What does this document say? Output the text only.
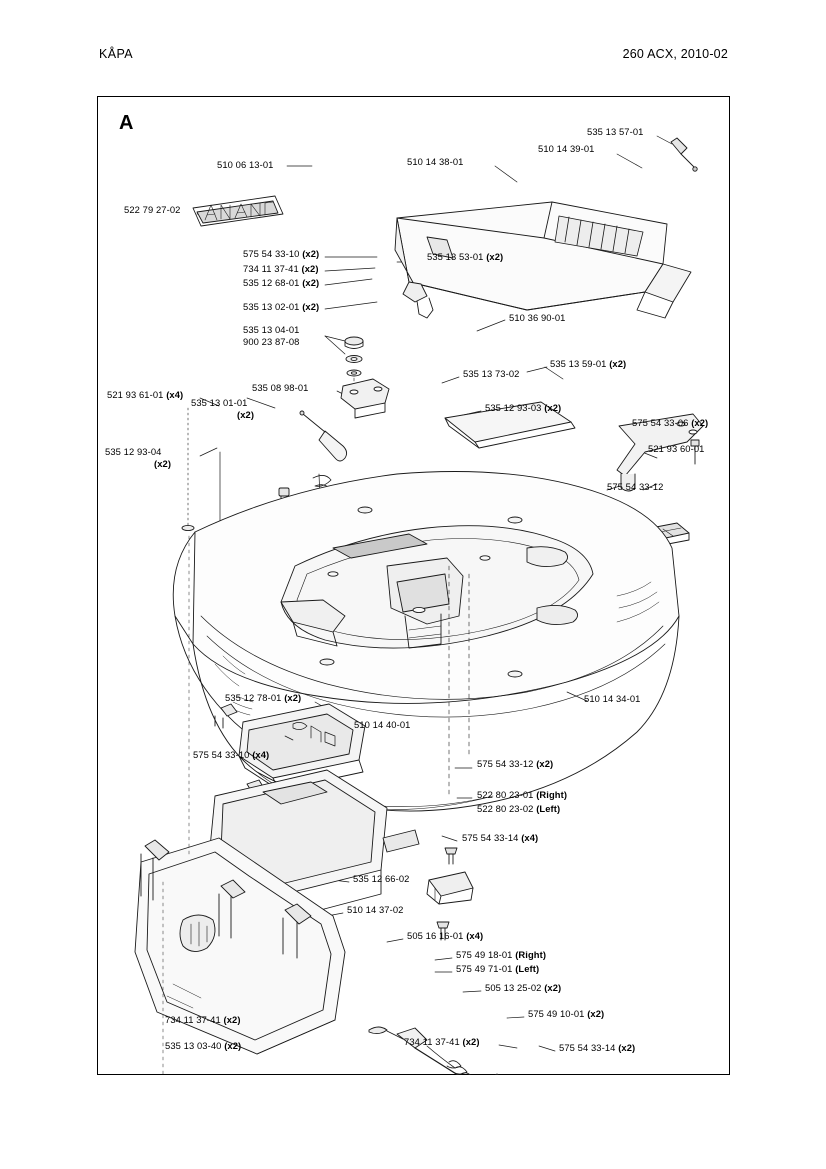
KÅPA	260 ACX, 2010-02
A	535 13 57-01
510 14 39-01
510 14 38-01
510 06 13-01
522 79 27-02
575 54 33-10 (x2)
734 11 37-41 (x2)
535 12 68-01 (x2)
535 13 53-01 (x2)
535 13 02-01 (x2)
510 36 90-01
535 13 04-01
900 23 87-08
535 13 59-01 (x2)
535 13 73-02
535 08 98-01
521 93 61-01 (x4)
535 13 01-01
(x2)
535 12 93-03 (x2)
575 54 33-06 (x2)
535 12 93-04
(x2)
521 93 60-01
575 54 33-12
510 14 34-01
535 12 78-01 (x2)
510 14 40-01
575 54 33-10 (x4)
575 54 33-12 (x2)
522 80 23-01 (Right)
522 80 23-02 (Left)
575 54 33-14 (x4)
535 12 66-02
510 14 37-02
505 16 16-01 (x4)
575 49 18-01 (Right)
575 49 71-01 (Left)
505 13 25-02 (x2)
575 49 10-01 (x2)
734 11 37-41 (x2)
575 54 33-14 (x2)
734 11 37-41 (x2)
535 13 03-40 (x2)
